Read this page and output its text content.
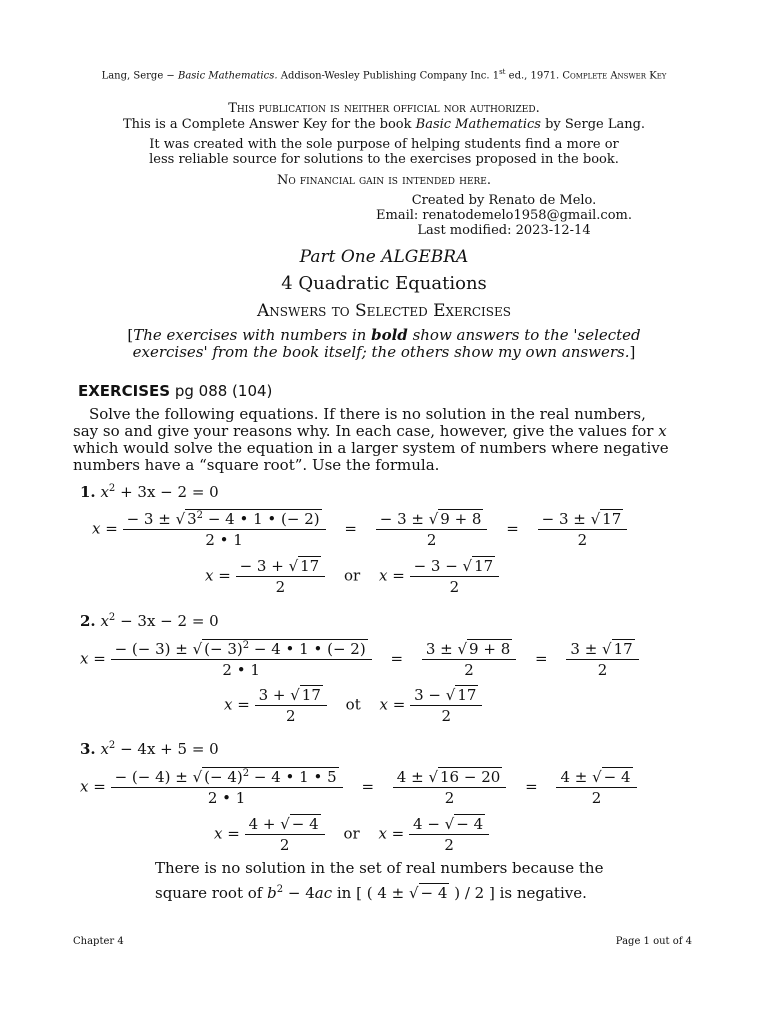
Lang, Serge − Basic Mathematics. Addison-Wesley Publishing Company Inc. 1st ed., 1971. Complete Answer Key
This publication is neither official nor authorized.
This is a Complete Answer Key for the book Basic Mathematics by Serge Lang.
It was created with the sole purpose of helping students find a more or
less reliable source for solutions to the exercises proposed in the book.
No financial gain is intended here.
Created by Renato de Melo.
Email: renatodemelo1958@gmail.com.
Last modified: 2023-12-14
Part One ALGEBRA
4 Quadratic Equations
Answers to Selected Exercises
[The exercises with numbers in bold show answers to the 'selected
exercises' from the book itself; the others show my own answers.]
EXERCISES pg 088 (104)
Solve the following equations. If there is no solution in the real numbers,
say so and give your reasons why. In each case, however, give the values for x
which would solve the equation in a larger system of numbers where negative
numbers have a “square root”. Use the formula.
1. $x^2 + 3x - 2 = 0$
$x = \frac{- 3 \pm √ 3^2 - 4 • 1 • (- 2)}{2 • 1} = \frac{- 3 \pm √ 9 + 8}{2} = \frac{- 3 \pm √ 17}{2}$
$x = \frac{- 3 + √ 17}{2}$ or $x = \frac{- 3 - √ 17}{2}$
2. $x^2 - 3x - 2 = 0$
$x = \frac{- (- 3) \pm √ (- 3)^2 - 4 • 1 • (- 2)}{2 • 1} = \frac{3 \pm √ 9 + 8}{2} = \frac{3 \pm √ 17}{2}$
$x = \frac{3 + √ 17}{2}$ ot $x = \frac{3 - √ 17}{2}$
3. $x^2 - 4x + 5 = 0$
$x = \frac{- (- 4) \pm √ (- 4)^2 - 4 • 1 • 5}{2 • 1} = \frac{4 \pm √ 16 - 20}{2} = \frac{4 \pm √ - 4}{2}$
$x = \frac{4 + √ - 4}{2}$ or $x = \frac{4 - √ - 4}{2}$
There is no solution in the set of real numbers because the
square root of $b^2 - 4ac$ in [ ( 4 ± √ − 4 ) / 2 ] is negative.
Chapter 4	Page 1 out of 4
